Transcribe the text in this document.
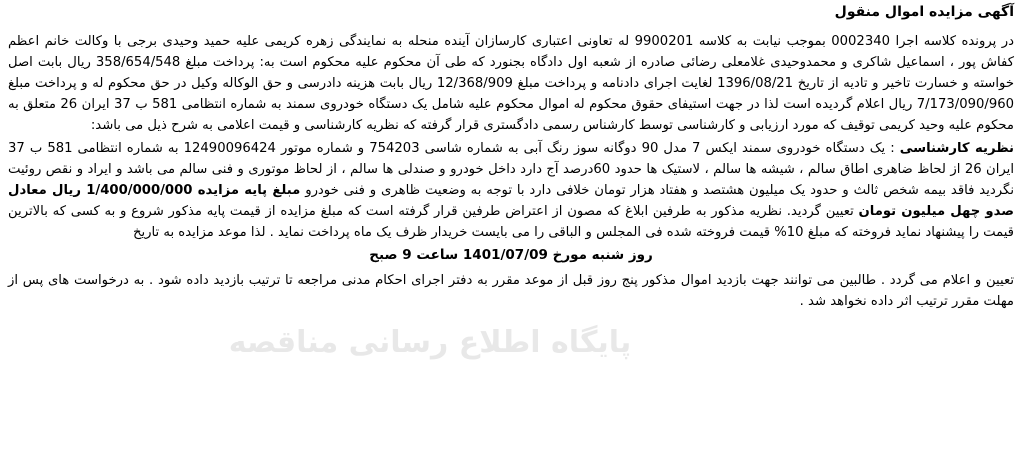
پایگاه اطلاع رسانی مناقصه

آگهی مزایده اموال منقول

در پرونده کلاسه اجرا 0002340 بموجب نیابت به کلاسه 9900201 له تعاونی اعتباری کارسازان آینده منحله به نمایندگی زهره کریمی علیه حمید وحیدی برجی با وکالت خانم اعظم کفاش پور ، اسماعیل شاکری و محمدوحیدی غلامعلی رضائی صادره از شعبه اول دادگاه بجنورد که طی آن محکوم علیه محکوم است به: پرداخت مبلغ 358/654/548 ریال بابت اصل خواسته و خسارت تاخیر و تادیه از تاریخ 1396/08/21 لغایت اجرای دادنامه و پرداخت مبلغ 12/368/909 ریال بابت هزینه دادرسی و حق الوکاله وکیل در حق محکوم له و پرداخت مبلغ 7/173/090/960 ریال اعلام گردیده است لذا در جهت استیفای حقوق محکوم له اموال محکوم علیه شامل یک دستگاه خودروی سمند به شماره انتظامی 581 ب 37 ایران 26 متعلق به محکوم علیه وحید کریمی توقیف که مورد ارزیابی و کارشناسی توسط کارشناس رسمی دادگستری قرار گرفته که نظریه کارشناسی و قیمت اعلامی به شرح ذیل می باشد:

نظریه کارشناسی : یک دستگاه خودروی سمند ایکس 7 مدل 90 دوگانه سوز رنگ آبی به شماره شاسی 754203 و شماره موتور 12490096424 به شماره انتظامی 581 ب 37 ایران 26 از لحاظ ضاهری اطاق سالم ، شیشه ها سالم ، لاستیک ها حدود 60درصد آج دارد داخل خودرو و صندلی ها سالم ، از لحاظ موتوری و فنی سالم می باشد و ایراد و نقص روئیت نگردید فاقد بیمه شخص ثالث و حدود یک میلیون هشتصد و هفتاد هزار تومان خلافی دارد با توجه به وضعیت ظاهری و فنی خودرو مبلغ پایه مزایده 1/400/000/000 ریال معادل صدو چهل میلیون تومان تعیین گردید. نظریه مذکور به طرفین ابلاغ که مصون از اعتراض طرفین قرار گرفته است که مبلغ مزایده از قیمت پایه مذکور شروع و به کسی که بالاترین قیمت را پیشنهاد نماید فروخته که مبلغ 10% قیمت فروخته شده فی المجلس و الباقی را می بایست خریدار ظرف یک ماه پرداخت نماید . لذا موعد مزایده به تاریخ

روز شنبه مورخ 1401/07/09 ساعت 9 صبح

تعیین و اعلام می گردد . طالبین می توانند جهت بازدید اموال مذکور پنج روز قبل از موعد مقرر به دفتر اجرای احکام مدنی مراجعه تا ترتیب بازدید داده شود . به درخواست های پس از مهلت مقرر ترتیب اثر داده نخواهد شد .
